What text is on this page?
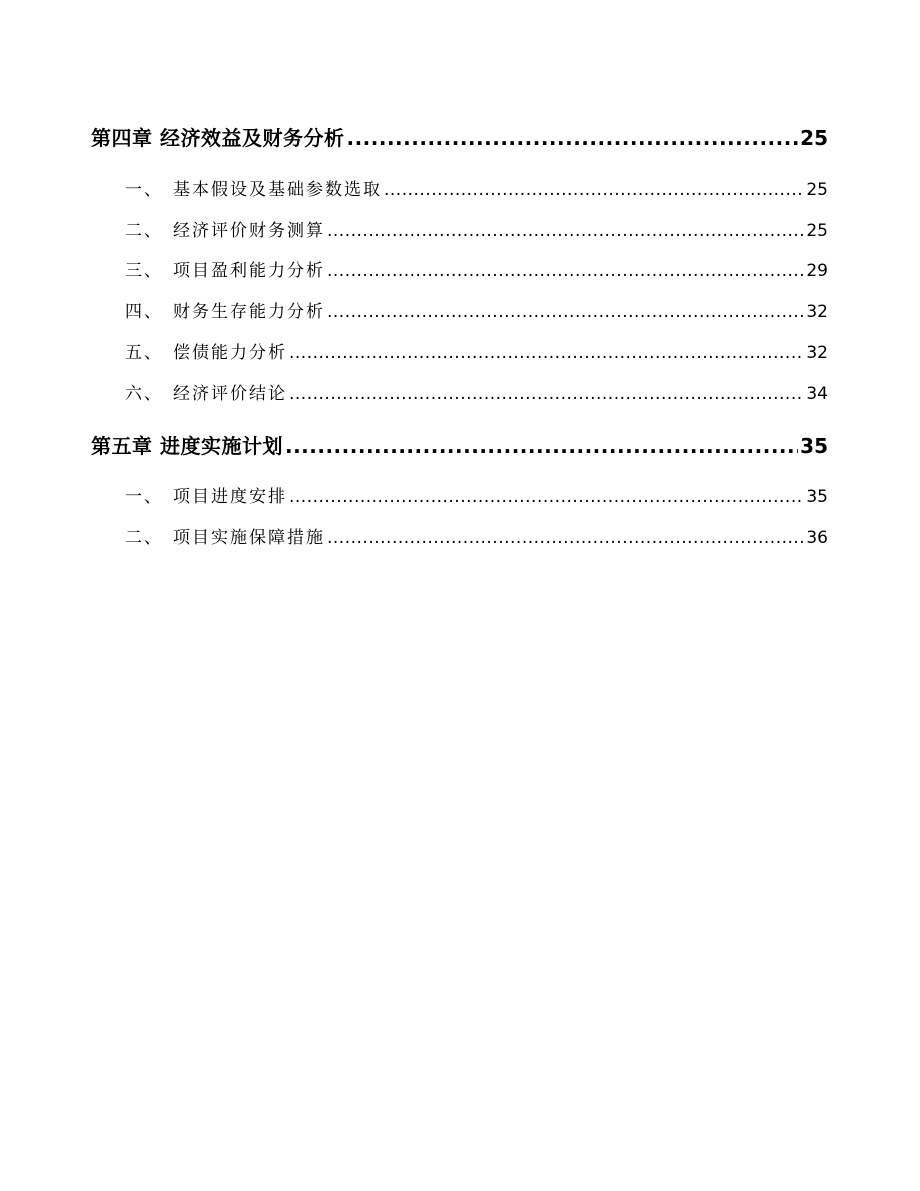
第四章 经济效益及财务分析 .....	25
一、 基本假设及基础参数选取 .....	25
二、 经济评价财务测算 .....	25
三、 项目盈利能力分析 .....	29
四、 财务生存能力分析 .....	32
五、 偿债能力分析 .....	32
六、 经济评价结论 .....	34
第五章 进度实施计划 .....	35
一、 项目进度安排 .....	35
二、 项目实施保障措施 .....	36
